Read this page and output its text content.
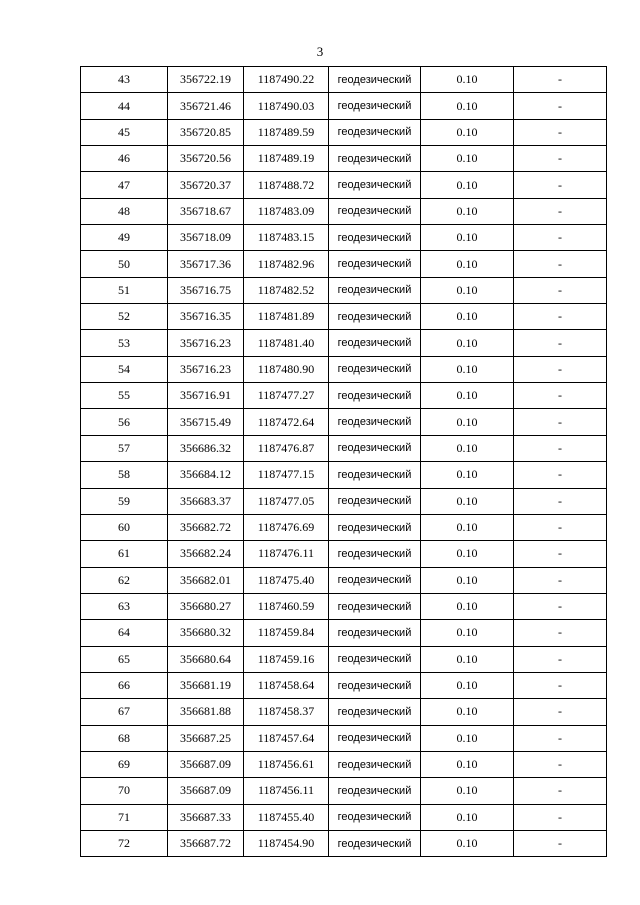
3
43	356722.19	1187490.22	геодезический	0.10	-
44	356721.46	1187490.03	геодезический	0.10	-
45	356720.85	1187489.59	геодезический	0.10	-
46	356720.56	1187489.19	геодезический	0.10	-
47	356720.37	1187488.72	геодезический	0.10	-
48	356718.67	1187483.09	геодезический	0.10	-
49	356718.09	1187483.15	геодезический	0.10	-
50	356717.36	1187482.96	геодезический	0.10	-
51	356716.75	1187482.52	геодезический	0.10	-
52	356716.35	1187481.89	геодезический	0.10	-
53	356716.23	1187481.40	геодезический	0.10	-
54	356716.23	1187480.90	геодезический	0.10	-
55	356716.91	1187477.27	геодезический	0.10	-
56	356715.49	1187472.64	геодезический	0.10	-
57	356686.32	1187476.87	геодезический	0.10	-
58	356684.12	1187477.15	геодезический	0.10	-
59	356683.37	1187477.05	геодезический	0.10	-
60	356682.72	1187476.69	геодезический	0.10	-
61	356682.24	1187476.11	геодезический	0.10	-
62	356682.01	1187475.40	геодезический	0.10	-
63	356680.27	1187460.59	геодезический	0.10	-
64	356680.32	1187459.84	геодезический	0.10	-
65	356680.64	1187459.16	геодезический	0.10	-
66	356681.19	1187458.64	геодезический	0.10	-
67	356681.88	1187458.37	геодезический	0.10	-
68	356687.25	1187457.64	геодезический	0.10	-
69	356687.09	1187456.61	геодезический	0.10	-
70	356687.09	1187456.11	геодезический	0.10	-
71	356687.33	1187455.40	геодезический	0.10	-
72	356687.72	1187454.90	геодезический	0.10	-
